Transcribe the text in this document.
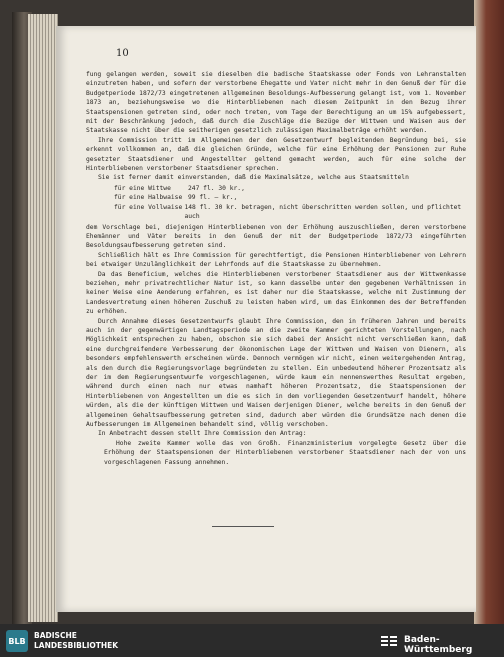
10

fung gelangen werden, soweit sie dieselben die badische Staatskasse oder Fonds von Lehranstalten einzutreten haben, und sofern der verstorbene Ehegatte und Vater nicht mehr in den Genuß der für die Budgetperiode 1872/73 eingetretenen allgemeinen Besoldungs-Aufbesserung gelangt ist, vom 1. November 1873 an, beziehungsweise wo die Hinterbliebenen nach diesem Zeitpunkt in den Bezug ihrer Staatspensionen getreten sind, oder noch treten, vom Tage der Berechtigung an um 15% aufgebessert, mit der Beschränkung jedoch, daß durch die Zuschläge die Bezüge der Wittwen und Waisen aus der Staatskasse nicht über die seitherigen gesetzlich zulässigen Maximalbeträge erhöht werden.

Ihre Commission tritt im Allgemeinen der den Gesetzentwurf begleitenden Begründung bei, sie erkennt vollkommen an, daß die gleichen Gründe, welche für eine Erhöhung der Pensionen zur Ruhe gesetzter Staatsdiener und Angestellter geltend gemacht werden, auch für eine solche der Hinterbliebenen verstorbener Staatsdiener sprechen.

Sie ist ferner damit einverstanden, daß die Maximalsätze, welche aus Staatsmitteln

für eine Wittwe	247 fl. 30 kr.,
für eine Halbwaise 99 fl. — kr.,
für eine Vollwaise 148 fl. 30 kr. betragen, nicht überschritten werden sollen, und pflichtet auch

dem Vorschlage bei, diejenigen Hinterbliebenen von der Erhöhung auszuschließen, deren verstorbene Ehemänner und Väter bereits in den Genuß der mit der Budgetperiode 1872/73 eingeführten Besoldungsaufbesserung getreten sind.

Schließlich hält es Ihre Commission für gerechtfertigt, die Pensionen Hinterbliebener von Lehrern bei etwaiger Unzulänglichkeit der Lehrfonds auf die Staatskasse zu übernehmen.

Da das Beneficium, welches die Hinterbliebenen verstorbener Staatsdiener aus der Wittwenkasse beziehen, mehr privatrechtlicher Natur ist, so kann dasselbe unter den gegebenen Verhältnissen in keiner Weise eine Aenderung erfahren, es ist daher nur die Staatskasse, welche mit Zustimmung der Landesvertretung einen höheren Zuschuß zu leisten haben wird, um das Einkommen des der Betreffenden zu erhöhen.

Durch Annahme dieses Gesetzentwurfs glaubt Ihre Commission, den in früheren Jahren und bereits auch in der gegenwärtigen Landtagsperiode an die zweite Kammer gerichteten Vorstellungen, nach Möglichkeit entsprechen zu haben, obschon sie sich dabei der Ansicht nicht verschließen kann, daß eine durchgreifendere Verbesserung der ökonomischen Lage der Wittwen und Waisen von Dienern, als besonders empfehlenswerth erscheinen würde. Dennoch vermögen wir nicht, einen weitergehenden Antrag, als den durch die Regierungsvorlage begründeten zu stellen. Ein unbedeutend höherer Prozentsatz als der im dem Regierungsentwurfe vorgeschlagenen, würde kaum ein nennenswerthes Resultat ergeben, während durch einen nach nur etwas namhaft höheren Prozentsatz, die Staatspensionen der Hinterbliebenen von Angestellten um die es sich in dem vorliegenden Gesetzentwurf handelt, höhere würden, als die der künftigen Wittwen und Waisen derjenigen Diener, welche bereits in den Genuß der allgemeinen Gehaltsaufbesserung getreten sind, dadurch aber würden die Grundsätze nach denen die Aufbesserungen im Allgemeinen behandelt sind, völlig verschoben.

In Anbetracht dessen stellt Ihre Commission den Antrag:

Hohe zweite Kammer wolle das von Großh. Finanzministerium vorgelegte Gesetz über die Erhöhung der Staatspensionen der Hinterbliebenen verstorbener Staatsdiener nach der von uns vorgeschlagenen Fassung annehmen.

BLB
BADISCHE
LANDESBIBLIOTHEK
Baden-Württemberg
